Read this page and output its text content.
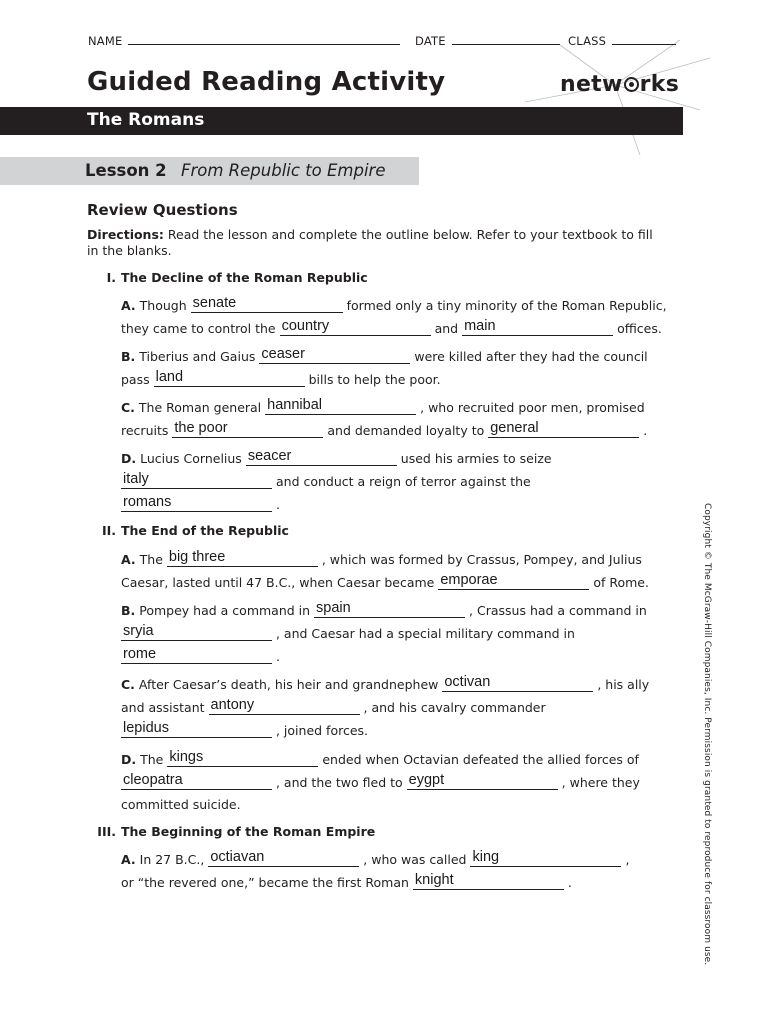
NAME	DATE	CLASS
Guided Reading Activity	netw rks
The Romans
Lesson 2 From Republic to Empire
Review Questions
Directions: Read the lesson and complete the outline below. Refer to your textbook to fill in the blanks.
I. The Decline of the Roman Republic
A. Though senate	formed only a tiny minority of the Roman Republic,
they came to control the country	and main	offices.
B. Tiberius and Gaius ceaser	were killed after they had the council
pass land	bills to help the poor.
C. The Roman general hannibal	, who recruited poor men, promised
recruits the poor	and demanded loyalty to general	.
D. Lucius Cornelius seacer	used his armies to seize
italy	and conduct a reign of terror against the
romans	.
II. The End of the Republic
A. The big three	, which was formed by Crassus, Pompey, and Julius
Caesar, lasted until 47 B.C., when Caesar became emporae	of Rome.
B. Pompey had a command in spain	, Crassus had a command in
sryia	, and Caesar had a special military command in
rome	.
C. After Caesar’s death, his heir and grandnephew octivan	, his ally
and assistant antony	, and his cavalry commander
lepidus	, joined forces.
D. The kings	ended when Octavian defeated the allied forces of
cleopatra	, and the two fled to eygpt	, where they
committed suicide.
III. The Beginning of the Roman Empire
A. In 27 B.C., octiavan	, who was called king	,
or “the revered one,” became the first Roman knight	.	Copyright © The McGraw-Hill Companies, Inc. Permission is granted to reproduce for classroom use.
